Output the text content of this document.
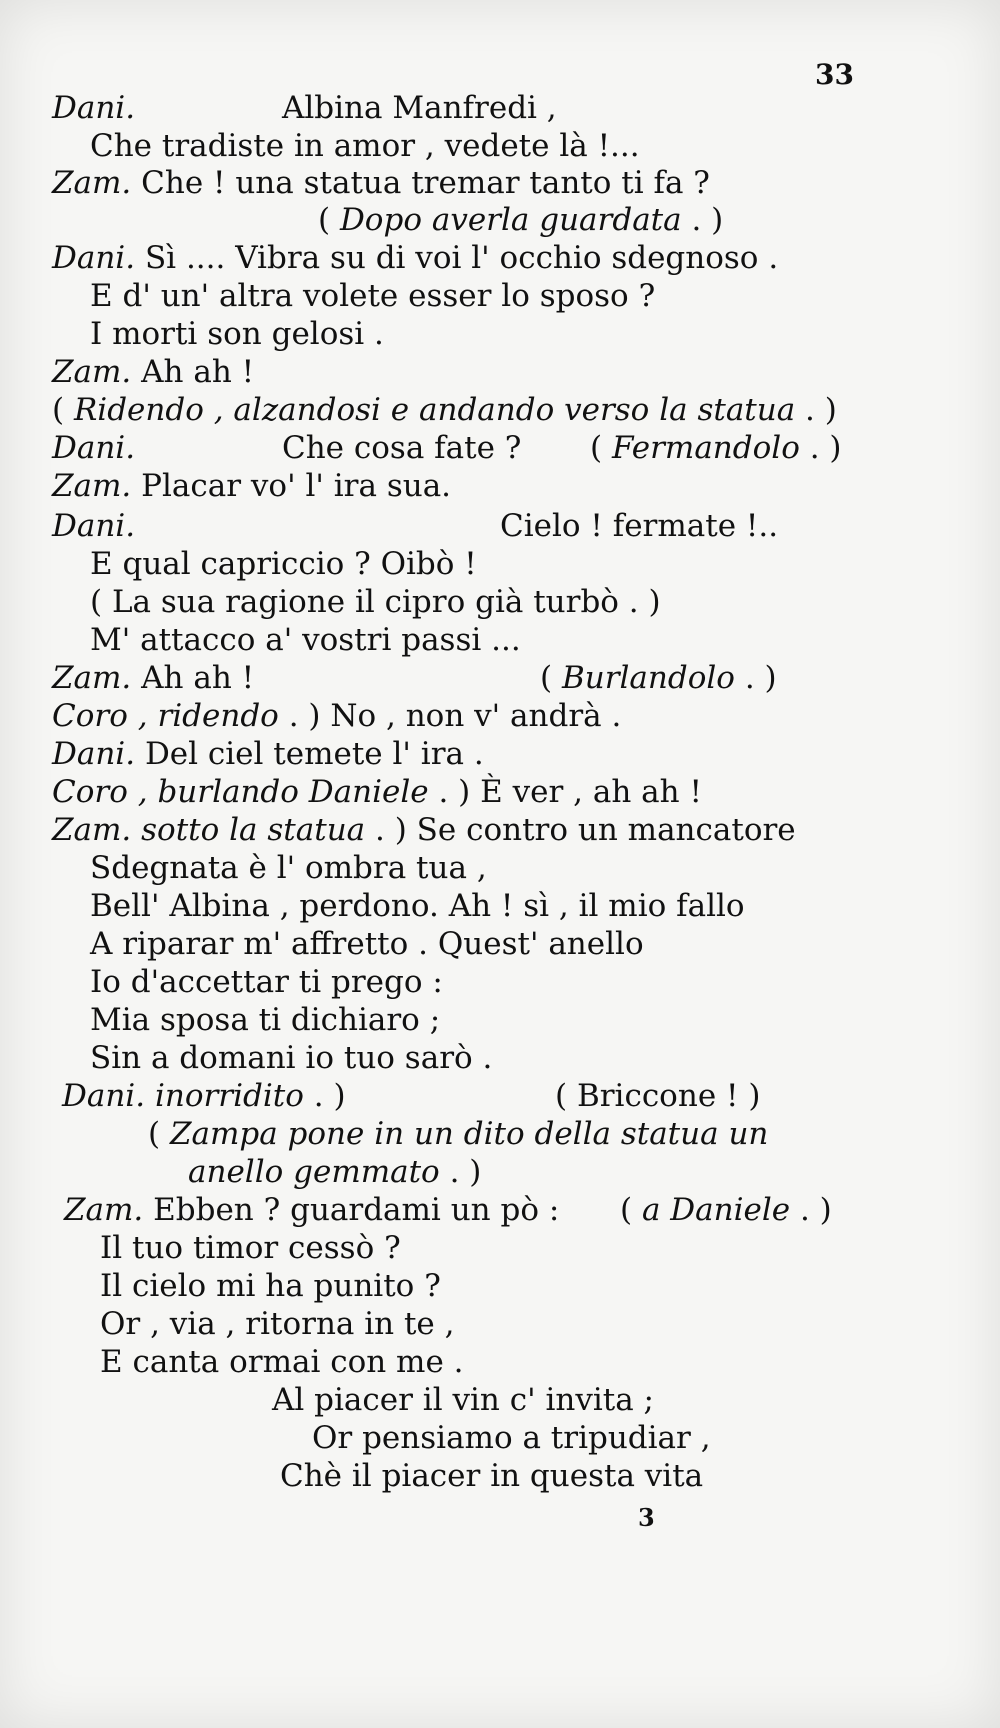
33
Dani.	Albina Manfredi ,
Che tradiste in amor , vedete là !...
Zam. Che ! una statua tremar tanto ti fa ?
( Dopo averla guardata . )
Dani. Sì .... Vibra su di voi l' occhio sdegnoso .
E d' un' altra volete esser lo sposo ?
I morti son gelosi .
Zam. Ah ah !
( Ridendo , alzandosi e andando verso la statua . )
Dani.	Che cosa fate ? ( Fermandolo . )
Zam. Placar vo' l' ira sua.
Dani.	Cielo ! fermate !..
E qual capriccio ? Oibò !
( La sua ragione il cipro già turbò . )
M' attacco a' vostri passi ...
Zam. Ah ah !	( Burlandolo . )
Coro , ridendo . ) No , non v' andrà .
Dani. Del ciel temete l' ira .
Coro , burlando Daniele . ) È ver , ah ah !
Zam. sotto la statua . ) Se contro un mancatore
Sdegnata è l' ombra tua ,
Bell' Albina , perdono. Ah ! sì , il mio fallo
A riparar m' affretto . Quest' anello
Io d'accettar ti prego :
Mia sposa ti dichiaro ;
Sin a domani io tuo sarò .
Dani. inorridito . )	( Briccone ! )
( Zampa pone in un dito della statua un
anello gemmato . )
Zam. Ebben ? guardami un pò : ( a Daniele . )
Il tuo timor cessò ?
Il cielo mi ha punito ?
Or , via , ritorna in te ,
E canta ormai con me .
Al piacer il vin c' invita ;
Or pensiamo a tripudiar ,
Chè il piacer in questa vita
3
